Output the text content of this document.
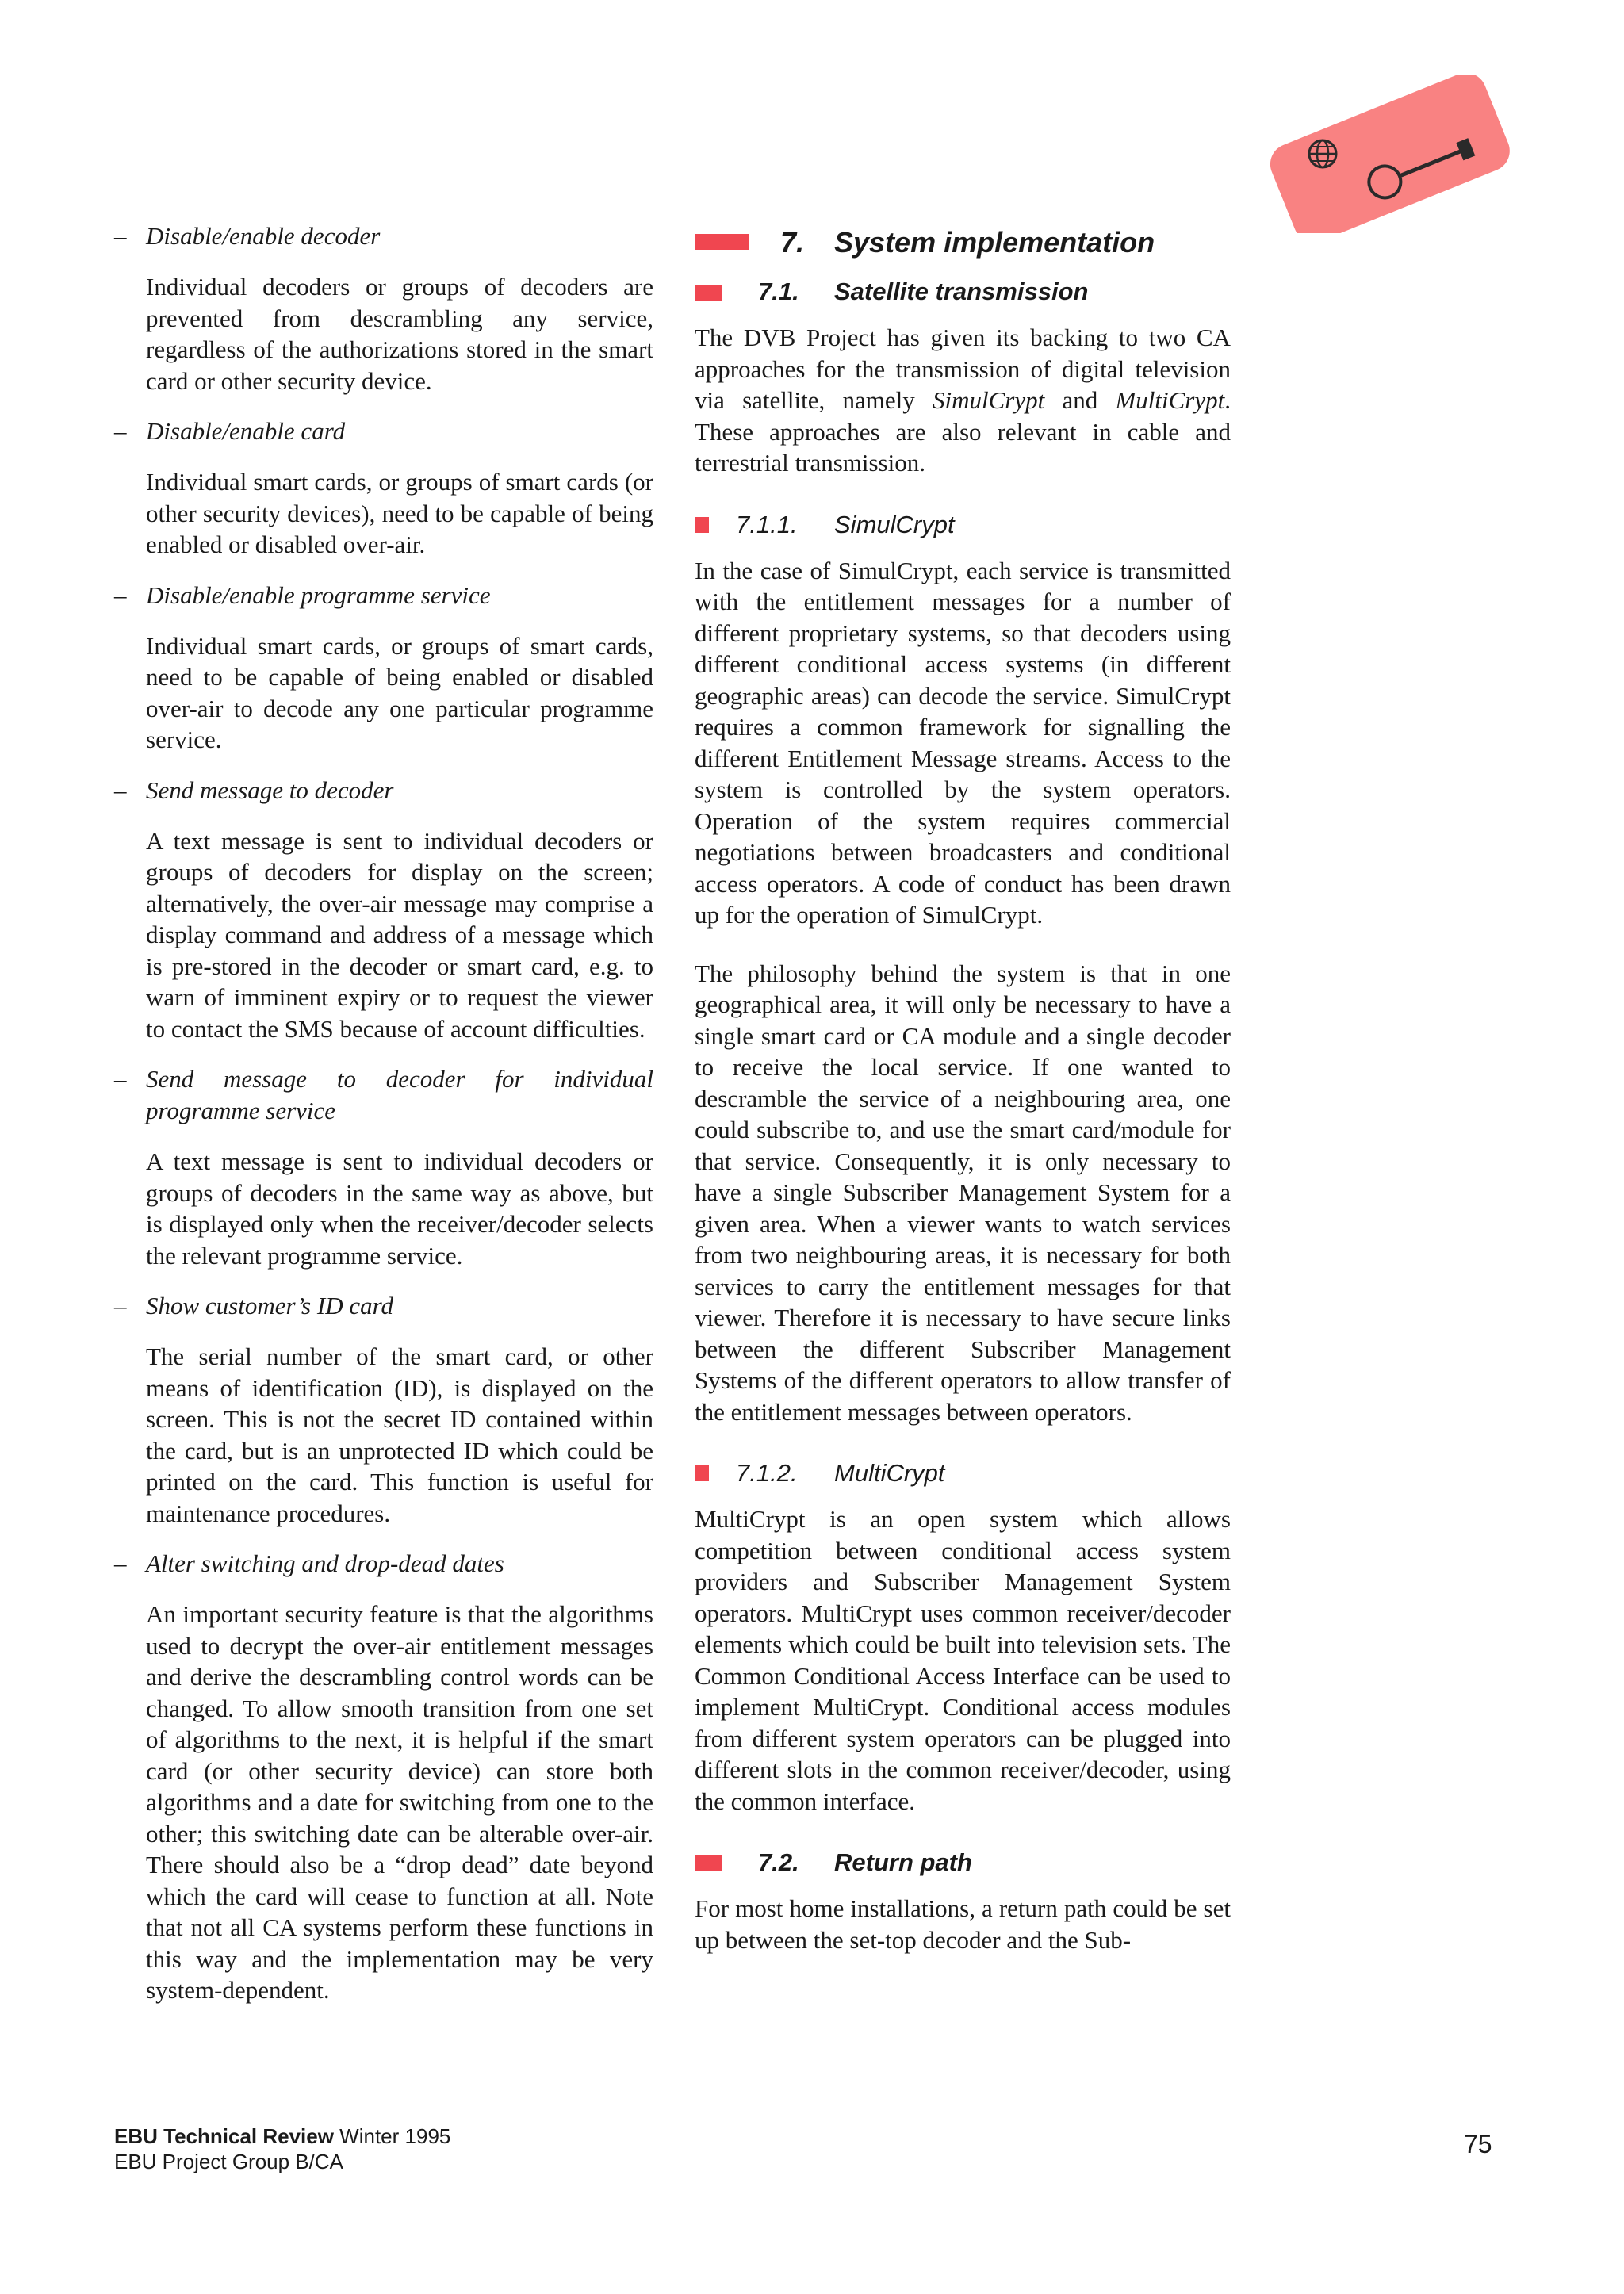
– Disable/enable decoder
Individual decoders or groups of decoders are prevented from descrambling any service, regardless of the authorizations stored in the smart card or other security device.
– Disable/enable card
Individual smart cards, or groups of smart cards (or other security devices), need to be capable of being enabled or disabled over-air.
– Disable/enable programme service
Individual smart cards, or groups of smart cards, need to be capable of being enabled or disabled over-air to decode any one particular programme service.
– Send message to decoder
A text message is sent to individual decoders or groups of decoders for display on the screen; alternatively, the over-air message may comprise a display command and address of a message which is pre-stored in the decoder or smart card, e.g. to warn of imminent expiry or to request the viewer to contact the SMS because of account difficulties.
– Send message to decoder for individual programme service
A text message is sent to individual decoders or groups of decoders in the same way as above, but is displayed only when the receiver/decoder selects the relevant programme service.
– Show customer’s ID card
The serial number of the smart card, or other means of identification (ID), is displayed on the screen. This is not the secret ID contained within the card, but is an unprotected ID which could be printed on the card. This function is useful for maintenance procedures.
– Alter switching and drop-dead dates
An important security feature is that the algorithms used to decrypt the over-air entitlement messages and derive the descrambling control words can be changed. To allow smooth transition from one set of algorithms to the next, it is helpful if the smart card (or other security device) can store both algorithms and a date for switching from one to the other; this switching date can be alterable over-air. There should also be a “drop dead” date beyond which the card will cease to function at all. Note that not all CA systems perform these functions in this way and the implementation may be very system-dependent.
7. System implementation
7.1. Satellite transmission
The DVB Project has given its backing to two CA approaches for the transmission of digital television via satellite, namely SimulCrypt and MultiCrypt. These approaches are also relevant in cable and terrestrial transmission.
7.1.1. SimulCrypt
In the case of SimulCrypt, each service is transmitted with the entitlement messages for a number of different proprietary systems, so that decoders using different conditional access systems (in different geographic areas) can decode the service. SimulCrypt requires a common framework for signalling the different Entitlement Message streams. Access to the system is controlled by the system operators. Operation of the system requires commercial negotiations between broadcasters and conditional access operators. A code of conduct has been drawn up for the operation of SimulCrypt.
The philosophy behind the system is that in one geographical area, it will only be necessary to have a single smart card or CA module and a single decoder to receive the local service. If one wanted to descramble the service of a neighbouring area, one could subscribe to, and use the smart card/module for that service. Consequently, it is only necessary to have a single Subscriber Management System for a given area. When a viewer wants to watch services from two neighbouring areas, it is necessary for both services to carry the entitlement messages for that viewer. Therefore it is necessary to have secure links between the different Subscriber Management Systems of the different operators to allow transfer of the entitlement messages between operators.
7.1.2. MultiCrypt
MultiCrypt is an open system which allows competition between conditional access system providers and Subscriber Management System operators. MultiCrypt uses common receiver/decoder elements which could be built into television sets. The Common Conditional Access Interface can be used to implement MultiCrypt. Conditional access modules from different system operators can be plugged into different slots in the common receiver/decoder, using the common interface.
7.2. Return path
For most home installations, a return path could be set up between the set-top decoder and the Sub-
EBU Technical Review Winter 1995
EBU Project Group B/CA
75
